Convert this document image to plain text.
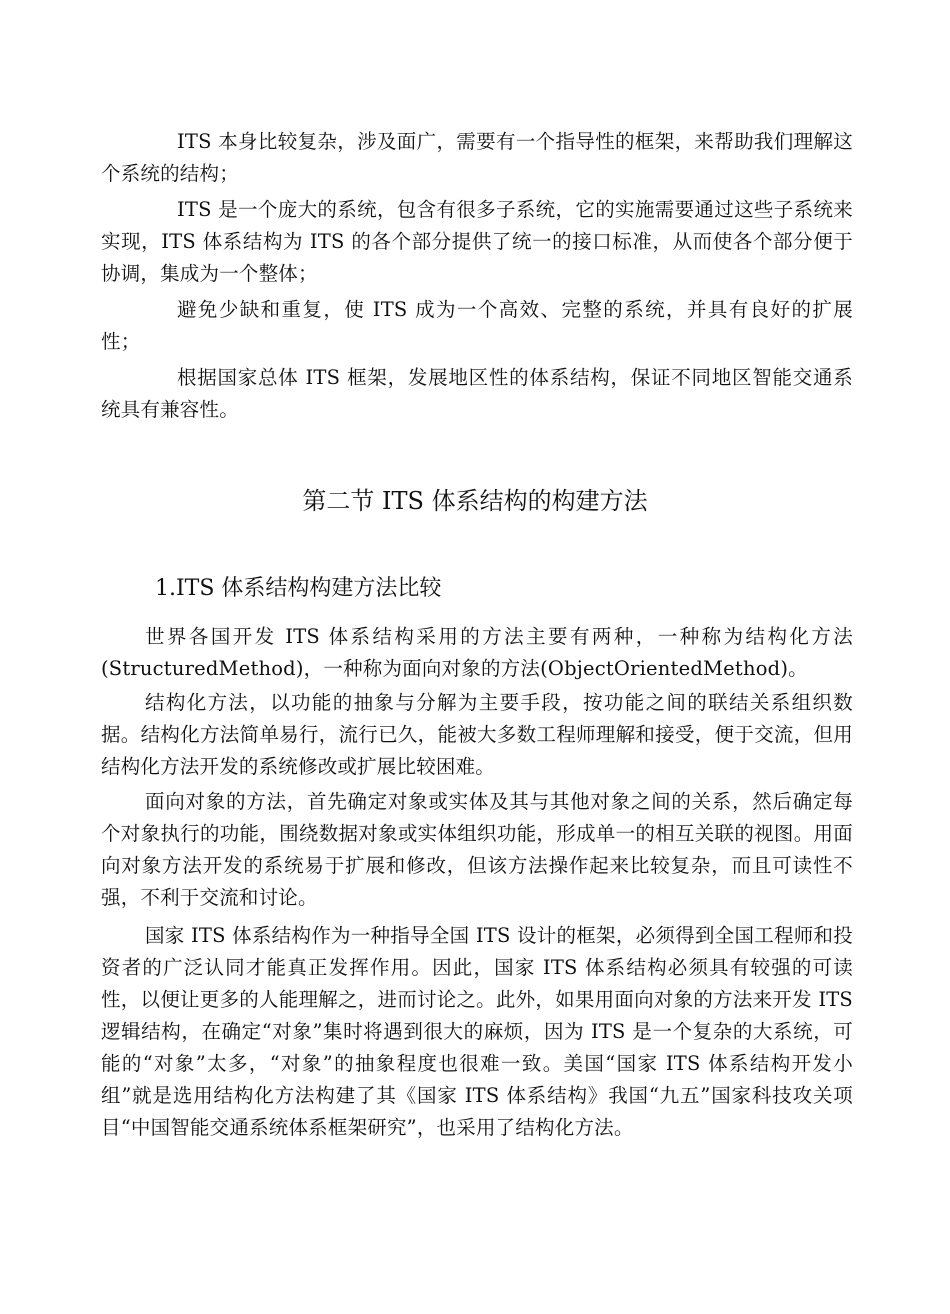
ITS 本身比较复杂，涉及面广，需要有一个指导性的框架，来帮助我们理解这个系统的结构；

ITS 是一个庞大的系统，包含有很多子系统，它的实施需要通过这些子系统来实现，ITS 体系结构为 ITS 的各个部分提供了统一的接口标准，从而使各个部分便于协调，集成为一个整体；

避免少缺和重复，使 ITS 成为一个高效、完整的系统，并具有良好的扩展性；

根据国家总体 ITS 框架，发展地区性的体系结构，保证不同地区智能交通系统具有兼容性。

第二节 ITS 体系结构的构建方法
1.ITS 体系结构构建方法比较

世界各国开发 ITS 体系结构采用的方法主要有两种，一种称为结构化方法(StructuredMethod)，一种称为面向对象的方法(ObjectOrientedMethod)。

结构化方法，以功能的抽象与分解为主要手段，按功能之间的联结关系组织数据。结构化方法简单易行，流行已久，能被大多数工程师理解和接受，便于交流，但用结构化方法开发的系统修改或扩展比较困难。

面向对象的方法，首先确定对象或实体及其与其他对象之间的关系，然后确定每个对象执行的功能，围绕数据对象或实体组织功能，形成单一的相互关联的视图。用面向对象方法开发的系统易于扩展和修改，但该方法操作起来比较复杂，而且可读性不强，不利于交流和讨论。

国家 ITS 体系结构作为一种指导全国 ITS 设计的框架，必须得到全国工程师和投资者的广泛认同才能真正发挥作用。因此，国家 ITS 体系结构必须具有较强的可读性，以便让更多的人能理解之，进而讨论之。此外，如果用面向对象的方法来开发 ITS 逻辑结构，在确定“对象”集时将遇到很大的麻烦，因为 ITS 是一个复杂的大系统，可能的“对象”太多，“对象”的抽象程度也很难一致。美国“国家 ITS 体系结构开发小组”就是选用结构化方法构建了其《国家 ITS 体系结构》我国“九五”国家科技攻关项目“中国智能交通系统体系框架研究”，也采用了结构化方法。
